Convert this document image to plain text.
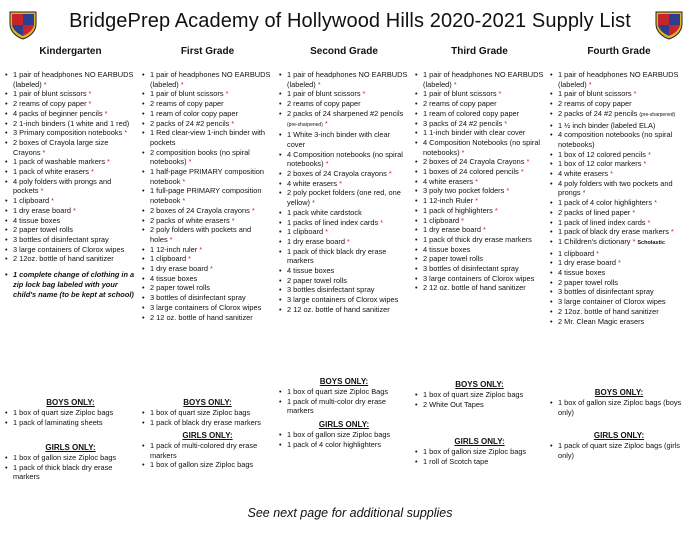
BridgePrep Academy of Hollywood Hills 2020-2021 Supply List
Kindergarten
• 1 pair of headphones NO EARBUDS (labeled) *
• 1 pair of blunt scissors *
• 2 reams of copy paper *
• 4 packs of beginner pencils *
• 2 1-inch binders (1 white and 1 red)
• 3 Primary composition notebooks *
• 2 boxes of Crayola large size Crayons *
• 1 pack of washable markers *
• 1 pack of white erasers *
• 4 poly folders with prongs and pockets *
• 1 clipboard *
• 1 dry erase board *
• 4 tissue boxes
• 2 paper towel rolls
• 3 bottles of disinfectant spray
• 3 large containers of Clorox wipes
• 2 12oz. bottle of hand sanitizer
• 1 complete change of clothing in a zip lock bag labeled with your child's name (to be kept at school)
BOYS ONLY:
• 1 box of quart size Ziploc bags
• 1 pack of laminating sheets
GIRLS ONLY:
• 1 box of gallon size Ziploc bags
• 1 pack of thick black dry erase markers
First Grade
• 1 pair of headphones NO EARBUDS (labeled) *
• 1 pair of blunt scissors *
• 2 reams of copy paper
• 1 ream of color copy paper
• 2 packs of 24 #2 pencils *
• 1 Red clear-view 1-inch binder with pockets
• 2 composition books (no spiral notebooks) *
• 1 half-page PRIMARY composition notebook *
• 1 full-page PRIMARY composition notebook *
• 2 boxes of 24 Crayola crayons *
• 2 packs of white erasers *
• 2 poly folders with pockets and holes *
• 1 12-inch ruler *
• 1 clipboard *
• 1 dry erase board *
• 4 tissue boxes
• 2 paper towel rolls
• 3 bottles of disinfectant spray
• 3 large containers of Clorox wipes
• 2 12 oz. bottle of hand sanitizer
BOYS ONLY:
• 1 box of quart size Ziploc bags
• 1 pack of black dry erase markers
GIRLS ONLY:
• 1 pack of multi-colored dry erase markers
• 1 box of gallon size Ziploc bags
Second Grade
• 1 pair of headphones NO EARBUDS (labeled) *
• 1 pair of blunt scissors *
• 2 reams of copy paper
• 2 packs of 24 sharpened #2 pencils (pre-sharpened) *
• 1 White 3-inch binder with clear cover
• 4 Composition notebooks (no spiral notebooks) *
• 2 boxes of 24 Crayola crayons *
• 4 white erasers *
• 2 poly pocket folders (one red, one yellow) *
• 1 pack white cardstock
• 1 packs of lined index cards *
• 1 clipboard *
• 1 dry erase board *
• 1 pack of thick black dry erase markers
• 4 tissue boxes
• 2 paper towel rolls
• 3 bottles disinfectant spray
• 3 large containers of Clorox wipes
• 2 12 oz. bottle of hand sanitizer
BOYS ONLY:
• 1 box of quart size Ziploc Bags
• 1 pack of multi-color dry erase markers
GIRLS ONLY:
• 1 box of gallon size Ziploc bags
• 1 pack of 4 color highlighters
Third Grade
• 1 pair of headphones NO EARBUDS (labeled) *
• 1 pair of blunt scissors *
• 2 reams of copy paper
• 1 ream of colored copy paper
• 3 packs of 24 #2 pencils *
• 1 1-inch binder with clear cover
• 4 Composition Notebooks (no spiral notebooks) *
• 2 boxes of 24 Crayola Crayons *
• 1 boxes of 24 colored pencils *
• 4 white erasers *
• 3 poly two pocket folders *
• 1 12-inch Ruler *
• 1 pack of highlighters *
• 1 clipboard *
• 1 dry erase board *
• 1 pack of thick dry erase markers
• 4 tissue boxes
• 2 paper towel rolls
• 3 bottles of disinfectant spray
• 3 large containers of Clorox wipes
• 2 12 oz. bottle of hand sanitizer
BOYS ONLY:
• 1 box of quart size Ziploc bags
• 2 White Out Tapes
GIRLS ONLY:
• 1 box of gallon size Ziploc bags
• 1 roll of Scotch tape
Fourth Grade
• 1 pair of headphones NO EARBUDS (labeled) *
• 1 pair of blunt scissors *
• 2 reams of copy paper
• 2 packs of 24 #2 pencils (pre-sharpened)
• 1 ½ inch binder (labeled ELA)
• 4 composition notebooks (no spiral notebooks)
• 1 box of 12 colored pencils *
• 1 box of 12 color markers *
• 4 white erasers *
• 4 poly folders with two pockets and prongs *
• 1 pack of 4 color highlighters *
• 2 packs of lined paper *
• 1 pack of lined index cards *
• 1 pack of black dry erase markers *
• 1 Children's dictionary * Scholastic
• 1 clipboard *
• 1 dry erase board *
• 4 tissue boxes
• 2 paper towel rolls
• 3 bottles of disinfectant spray
• 3 large container of Clorox wipes
• 2 12oz. bottle of hand sanitizer
• 2 Mr. Clean Magic erasers
BOYS ONLY:
• 1 box of gallon size Ziploc bags (boys only)
GIRLS ONLY:
• 1 pack of quart size Ziploc bags (girls only)
See next page for additional supplies
